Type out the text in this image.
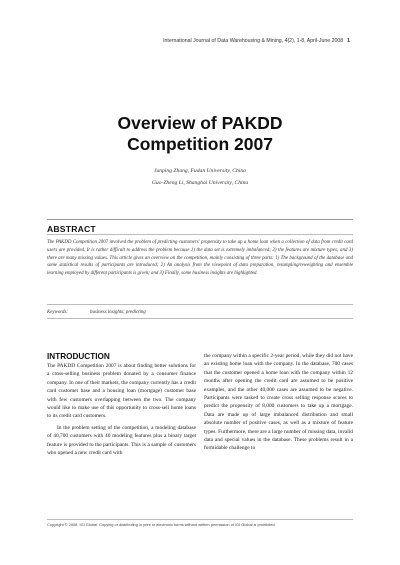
International Journal of Data Warehousing & Mining, 4(2), 1-8, April-June 2008 1
Overview of PAKDD
Competition 2007
Junping Zhang, Fudan University, China
Guo-Zheng Li, Shanghai University, China
ABSTRACT
The PAKDD Competition 2007 involved the problem of predicting customers' propensity to take up a home loan when a collection of data from credit card users are provided. It is rather difficult to address the problem because 1) the data set is extremely imbalanced; 2) the features are mixture types; and 3) there are many missing values. This article gives an overview on the competition, mainly consisting of three parts: 1) The background of the database and some statistical results of participants are introduced; 2) An analysis from the viewpoint of data preparation, resampling/reweighting and ensemble learning employed by different participants is given; and 3) Finally, some business insights are highlighted.
Keywords:	business insights; predicting
INTRODUCTION

The PAKDD Competition 2007 is about finding better solutions for a cross-selling business problem donated by a consumer finance company. In one of their markets, the company currently has a credit card customer base and a housing loan (mortgage) customer base with few customers overlapping between the two. The company would like to make use of this opportunity to cross-sell home loans to its credit card customers.

In the problem setting of the competition, a modeling database of 40,700 customers with 40 modeling features plus a binary target feature is provided to the participants. This is a sample of customers who opened a new credit card with

the company within a specific 2-year period, while they did not have an existing home loan with the company. In the database, 700 cases that the customer opened a home loan with the company within 12 months after opening the credit card are assumed to be positive examples, and the other 40,000 cases are assumed to be negative. Participants were tasked to create cross selling response scores to predict the propensity of 8,000 customers to take up a mortgage. Data are made up of large imbalanced distribution and small absolute number of positive cases, as well as a mixture of feature types. Furthermore, there are a large number of missing data, invalid data and special values in the database. These problems result in a formidable challenge to

Copyright © 2008, IGI Global. Copying or distributing in print or electronic forms without written permission of IGI Global is prohibited.
